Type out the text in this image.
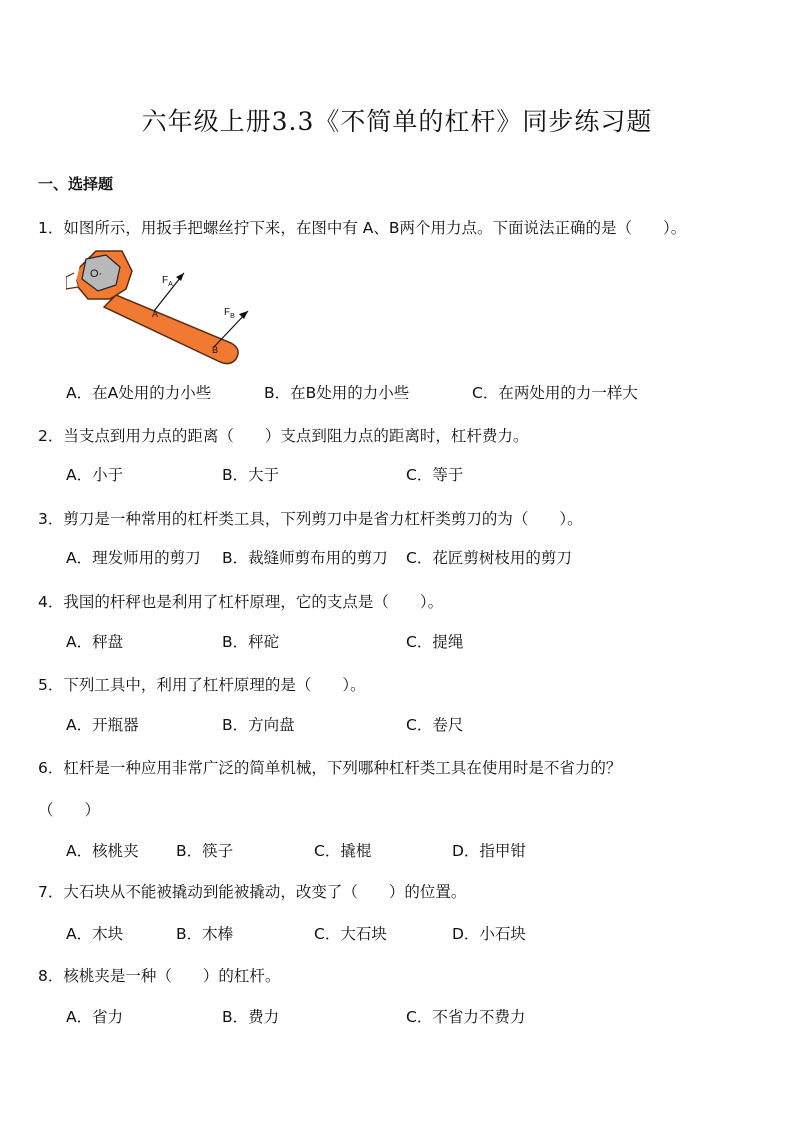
六年级上册3.3《不简单的杠杆》同步练习题
一、选择题
1．如图所示，用扳手把螺丝拧下来，在图中有 A、B两个用力点。下面说法正确的是（　　）。
O·
A
B
$F_A$
$F_B$
A．在A处用的力小些	B．在B处用的力小些	C．在两处用的力一样大
2．当支点到用力点的距离（　　）支点到阻力点的距离时，杠杆费力。
A．小于	B．大于	C．等于
3．剪刀是一种常用的杠杆类工具，下列剪刀中是省力杠杆类剪刀的为（　　）。
A．理发师用的剪刀 B．裁缝师剪布用的剪刀 C．花匠剪树枝用的剪刀
4．我国的杆秤也是利用了杠杆原理，它的支点是（　　）。
A．秤盘	B．秤砣	C．提绳
5．下列工具中，利用了杠杆原理的是（　　）。
A．开瓶器	B．方向盘	C．卷尺
6．杠杆是一种应用非常广泛的简单机械，下列哪种杠杆类工具在使用时是不省力的？
（　　）
A．核桃夹 B．筷子	C．撬棍	D．指甲钳
7．大石块从不能被撬动到能被撬动，改变了（　　）的位置。
A．木块	B．木棒	C．大石块	D．小石块
8．核桃夹是一种（　　）的杠杆。
A．省力	B．费力	C．不省力不费力
